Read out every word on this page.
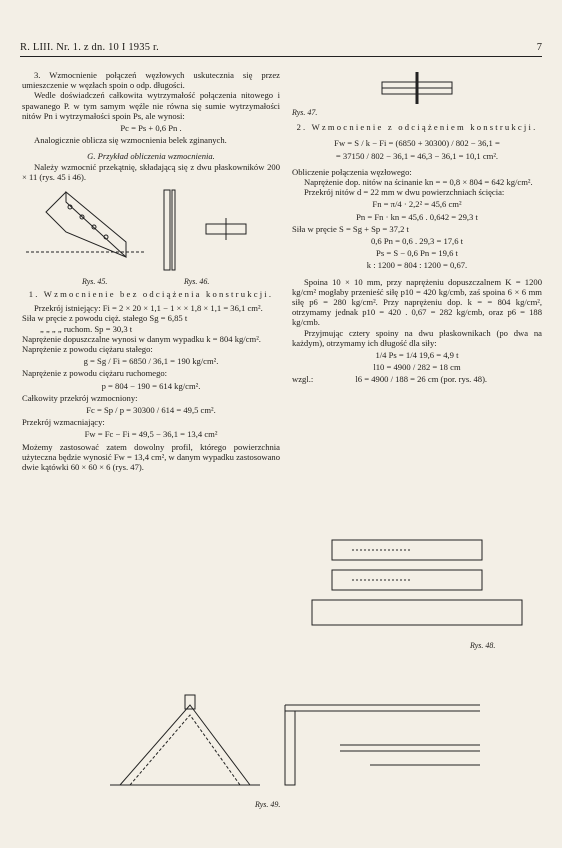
R. LIII. Nr. 1. z dn. 10 I 1935 r.	7

3. Wzmocnienie połączeń węzłowych uskutecznia się przez umieszczenie w węzłach spoin o odp. długości.

Wedle doświadczeń całkowita wytrzymałość połączenia nitowego i spawanego P. w tym samym węźle nie równa się sumie wytrzymałości nitów Pn i wytrzymałości spoin Ps, ale wynosi:

Pc = Ps + 0,6 Pn .

Analogicznie oblicza się wzmocnienia belek zginanych.

G. Przykład obliczenia wzmocnienia.

Należy wzmocnić przekątnię, składającą się z dwu płaskowników 200 × 11 (rys. 45 i 46).

Rys. 45.	Rys. 46.

1. Wzmocnienie bez odciążenia konstrukcji.

Przekrój istniejący: Fi = 2 × 20 × 1,1 − 1 × × 1,8 × 1,1 = 36,1 cm².

Siła w pręcie z powodu cięż. stałego Sg = 6,85 t

„ „ „ „ ruchom. Sp = 30,3 t

Naprężenie dopuszczalne wynosi w danym wypadku k = 804 kg/cm².

Naprężenie z powodu ciężaru stałego:

g = Sg / Fi = 6850 / 36,1 = 190 kg/cm².

Naprężenie z powodu ciężaru ruchomego:

p = 804 − 190 = 614 kg/cm².

Całkowity przekrój wzmocniony:

Fc = Sp / p = 30300 / 614 = 49,5 cm².

Przekrój wzmacniający:

Fw = Fc − Fi = 49,5 − 36,1 = 13,4 cm²

Możemy zastosować zatem dowolny profil, którego powierzchnia użyteczna będzie wynosić Fw = 13,4 cm², w danym wypadku zastosowano dwie kątówki 60 × 60 × 6 (rys. 47).

Rys. 47.

2. Wzmocnienie z odciążeniem konstrukcji.

Fw = S / k − Fi = (6850 + 30300) / 802 − 36,1 =

= 37150 / 802 − 36,1 = 46,3 − 36,1 = 10,1 cm².

Obliczenie połączenia węzłowego:

Naprężenie dop. nitów na ścinanie kn = = 0,8 × 804 = 642 kg/cm².

Przekrój nitów d = 22 mm w dwu powierzchniach ścięcia:

Fn = π/4 · 2,2² = 45,6 cm²

Pn = Fn · kn = 45,6 . 0,642 = 29,3 t

Siła w pręcie S = Sg + Sp = 37,2 t

0,6 Pn = 0,6 . 29,3 = 17,6 t

Ps = S − 0,6 Pn = 19,6 t

k : 1200 = 804 : 1200 = 0,67.

Spoina 10 × 10 mm, przy naprężeniu dopuszczalnem K = 1200 kg/cm² mogłaby przenieść siłę p10 = 420 kg/cmb, zaś spoina 6 × 6 mm siłę p6 = 280 kg/cm². Przy naprężeniu dop. k = = 804 kg/cm², otrzymamy jednak p10 = 420 . 0,67 = 282 kg/cmb, oraz p6 = 188 kg/cmb.

Przyjmując cztery spoiny na dwu płaskownikach (po dwa na każdym), otrzymamy ich długość dla siły:

1/4 Ps = 1/4 19,6 = 4,9 t

l10 = 4900 / 282 = 18 cm

wzgl.:	l6 = 4900 / 188 = 26 cm (por. rys. 48).

Rys. 48.
Rys. 49.
